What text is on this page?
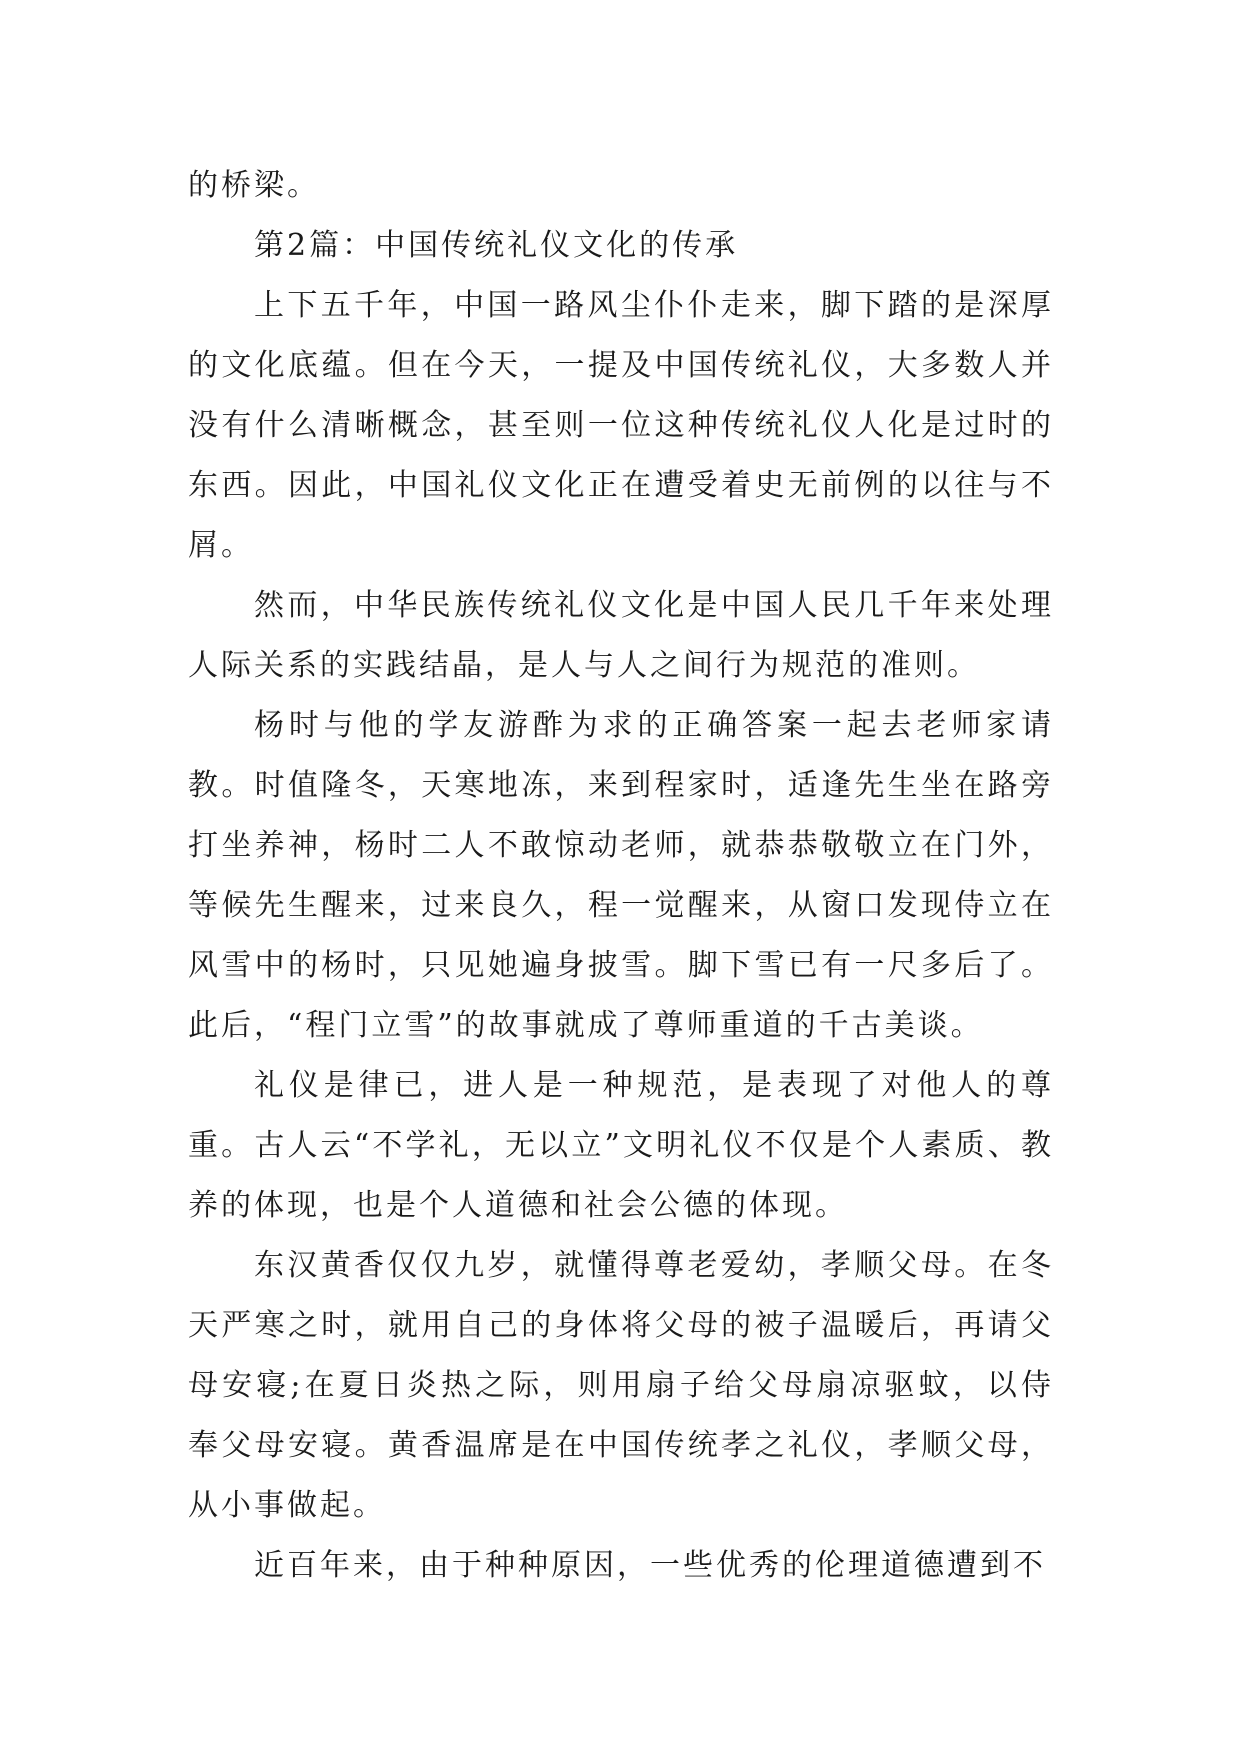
的桥梁。

第2篇：中国传统礼仪文化的传承

上下五千年，中国一路风尘仆仆走来，脚下踏的是深厚的文化底蕴。但在今天，一提及中国传统礼仪，大多数人并没有什么清晰概念，甚至则一位这种传统礼仪人化是过时的东西。因此，中国礼仪文化正在遭受着史无前例的以往与不屑。

然而，中华民族传统礼仪文化是中国人民几千年来处理人际关系的实践结晶，是人与人之间行为规范的准则。

杨时与他的学友游酢为求的正确答案一起去老师家请教。时值隆冬，天寒地冻，来到程家时，适逢先生坐在路旁打坐养神，杨时二人不敢惊动老师，就恭恭敬敬立在门外，等候先生醒来，过来良久，程一觉醒来，从窗口发现侍立在风雪中的杨时，只见她遍身披雪。脚下雪已有一尺多后了。此后，“程门立雪”的故事就成了尊师重道的千古美谈。

礼仪是律已，进人是一种规范，是表现了对他人的尊重。古人云“不学礼，无以立”文明礼仪不仅是个人素质、教养的体现，也是个人道德和社会公德的体现。

东汉黄香仅仅九岁，就懂得尊老爱幼，孝顺父母。在冬天严寒之时，就用自己的身体将父母的被子温暖后，再请父母安寝;在夏日炎热之际，则用扇子给父母扇凉驱蚊，以侍奉父母安寝。黄香温席是在中国传统孝之礼仪，孝顺父母，从小事做起。

近百年来，由于种种原因，一些优秀的伦理道德遭到不
